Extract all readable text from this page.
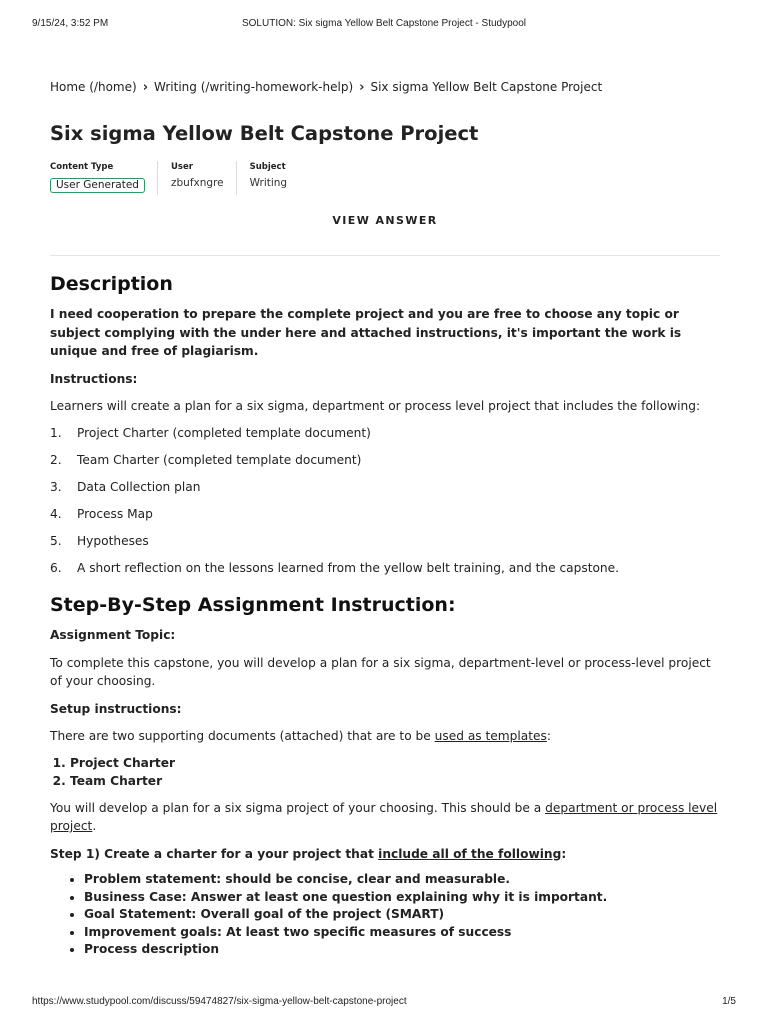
9/15/24, 3:52 PM	SOLUTION: Six sigma Yellow Belt Capstone Project - Studypool
Home (/home) › Writing (/writing-homework-help) › Six sigma Yellow Belt Capstone Project
Six sigma Yellow Belt Capstone Project
Content Type
User Generated
User
zbufxngre
Subject
Writing
VIEW ANSWER
Description

I need cooperation to prepare the complete project and you are free to choose any topic or subject complying with the under here and attached instructions, it's important the work is unique and free of plagiarism.

Instructions:

Learners will create a plan for a six sigma, department or process level project that includes the following:

1. Project Charter (completed template document)
2. Team Charter (completed template document)
3. Data Collection plan
4. Process Map
5. Hypotheses
6. A short reflection on the lessons learned from the yellow belt training, and the capstone.
Step-By-Step Assignment Instruction:

Assignment Topic:

To complete this capstone, you will develop a plan for a six sigma, department-level or process-level project of your choosing.

Setup instructions:

There are two supporting documents (attached) that are to be used as templates:

1. Project Charter
2. Team Charter

You will develop a plan for a six sigma project of your choosing. This should be a department or process level project.

Step 1) Create a charter for a your project that include all of the following:

• Problem statement: should be concise, clear and measurable.
• Business Case: Answer at least one question explaining why it is important.
• Goal Statement: Overall goal of the project (SMART)
• Improvement goals: At least two specific measures of success
• Process description
https://www.studypool.com/discuss/59474827/six-sigma-yellow-belt-capstone-project	1/5
